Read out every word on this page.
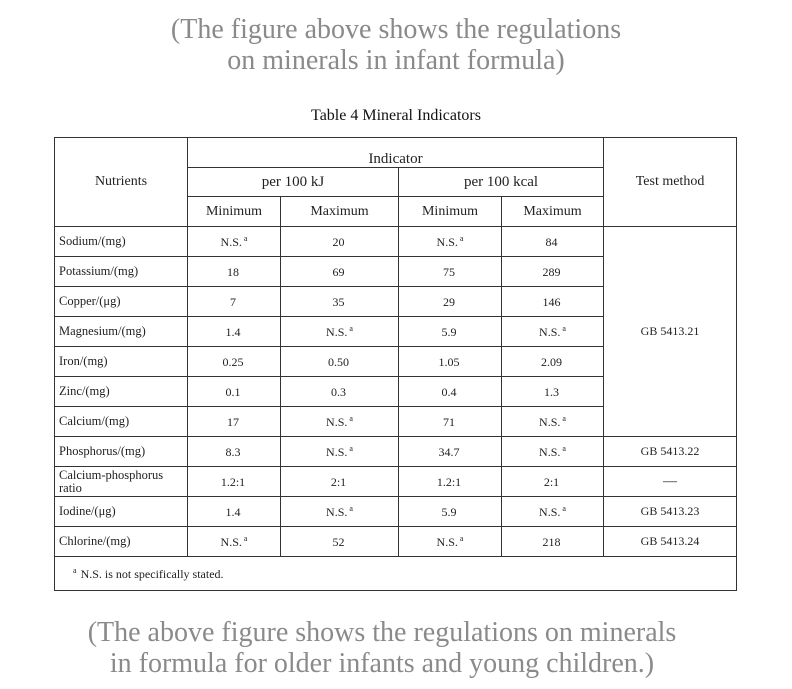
(The figure above shows the regulations
on minerals in infant formula)
Table 4 Mineral Indicators
Nutrients	Indicator				Test method
	per 100 kJ		per 100 kcal		
	Minimum	Maximum	Minimum	Maximum	
Sodium/(mg)	N.S. $^a$	20	N.S. $^a$	84	GB 5413.21
Potassium/(mg)	18	69	75	289	
Copper/(μg)	7	35	29	146	
Magnesium/(mg)	1.4	N.S. $^a$	5.9	N.S. $^a$
Iron/(mg)	0.25	0.50	1.05	2.09	
Zinc/(mg)	0.1	0.3	0.4	1.3	
Calcium/(mg)	17	N.S. $^a$	71	N.S. $^a$
Phosphorus/(mg)	8.3	N.S. $^a$	34.7	N.S. $^a$	GB 5413.22
Calcium-phosphorus ratio	1.2:1	2:1	1.2:1	2:1	—
Iodine/(μg)	1.4	N.S. $^a$	5.9	N.S. $^a$	GB 5413.23
Chlorine/(mg)	N.S. $^a$	52	N.S. $^a$	218	GB 5413.24
$^a$ N.S. is not specifically stated.					
(The above figure shows the regulations on minerals
in formula for older infants and young children.)
